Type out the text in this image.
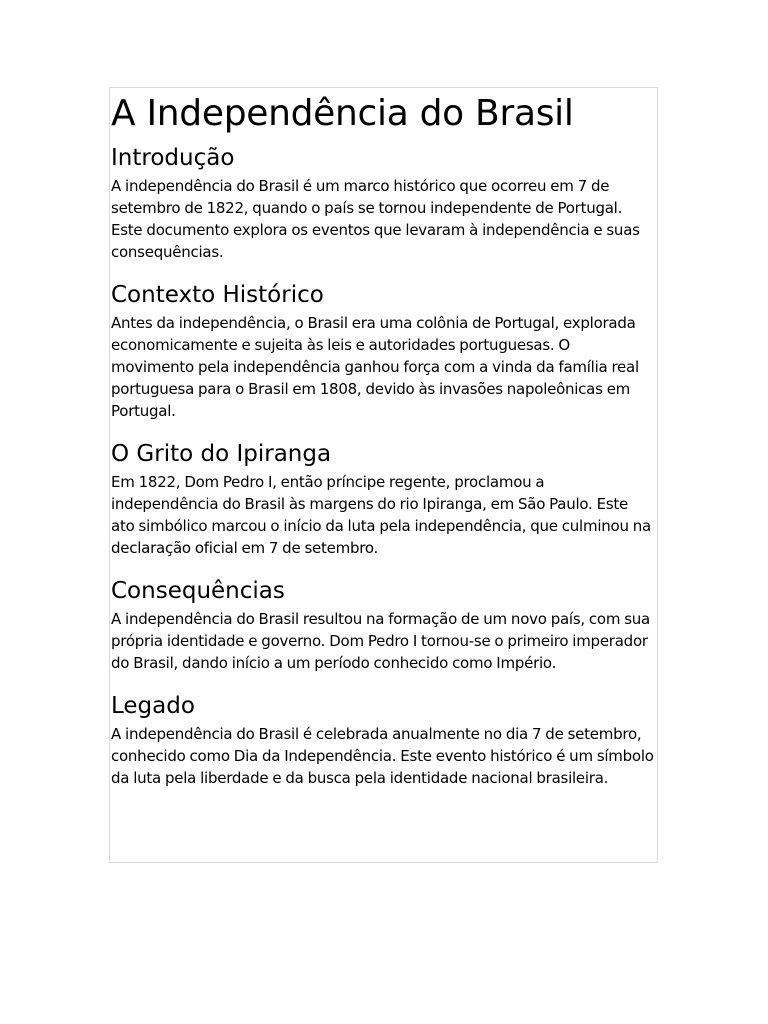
A Independência do Brasil
Introdução

A independência do Brasil é um marco histórico que ocorreu em 7 de setembro de 1822, quando o país se tornou independente de Portugal. Este documento explora os eventos que levaram à independência e suas consequências.

Contexto Histórico

Antes da independência, o Brasil era uma colônia de Portugal, explorada economicamente e sujeita às leis e autoridades portuguesas. O movimento pela independência ganhou força com a vinda da família real portuguesa para o Brasil em 1808, devido às invasões napoleônicas em Portugal.

O Grito do Ipiranga

Em 1822, Dom Pedro I, então príncipe regente, proclamou a independência do Brasil às margens do rio Ipiranga, em São Paulo. Este ato simbólico marcou o início da luta pela independência, que culminou na declaração oficial em 7 de setembro.

Consequências

A independência do Brasil resultou na formação de um novo país, com sua própria identidade e governo. Dom Pedro I tornou-se o primeiro imperador do Brasil, dando início a um período conhecido como Império.

Legado

A independência do Brasil é celebrada anualmente no dia 7 de setembro, conhecido como Dia da Independência. Este evento histórico é um símbolo da luta pela liberdade e da busca pela identidade nacional brasileira.
